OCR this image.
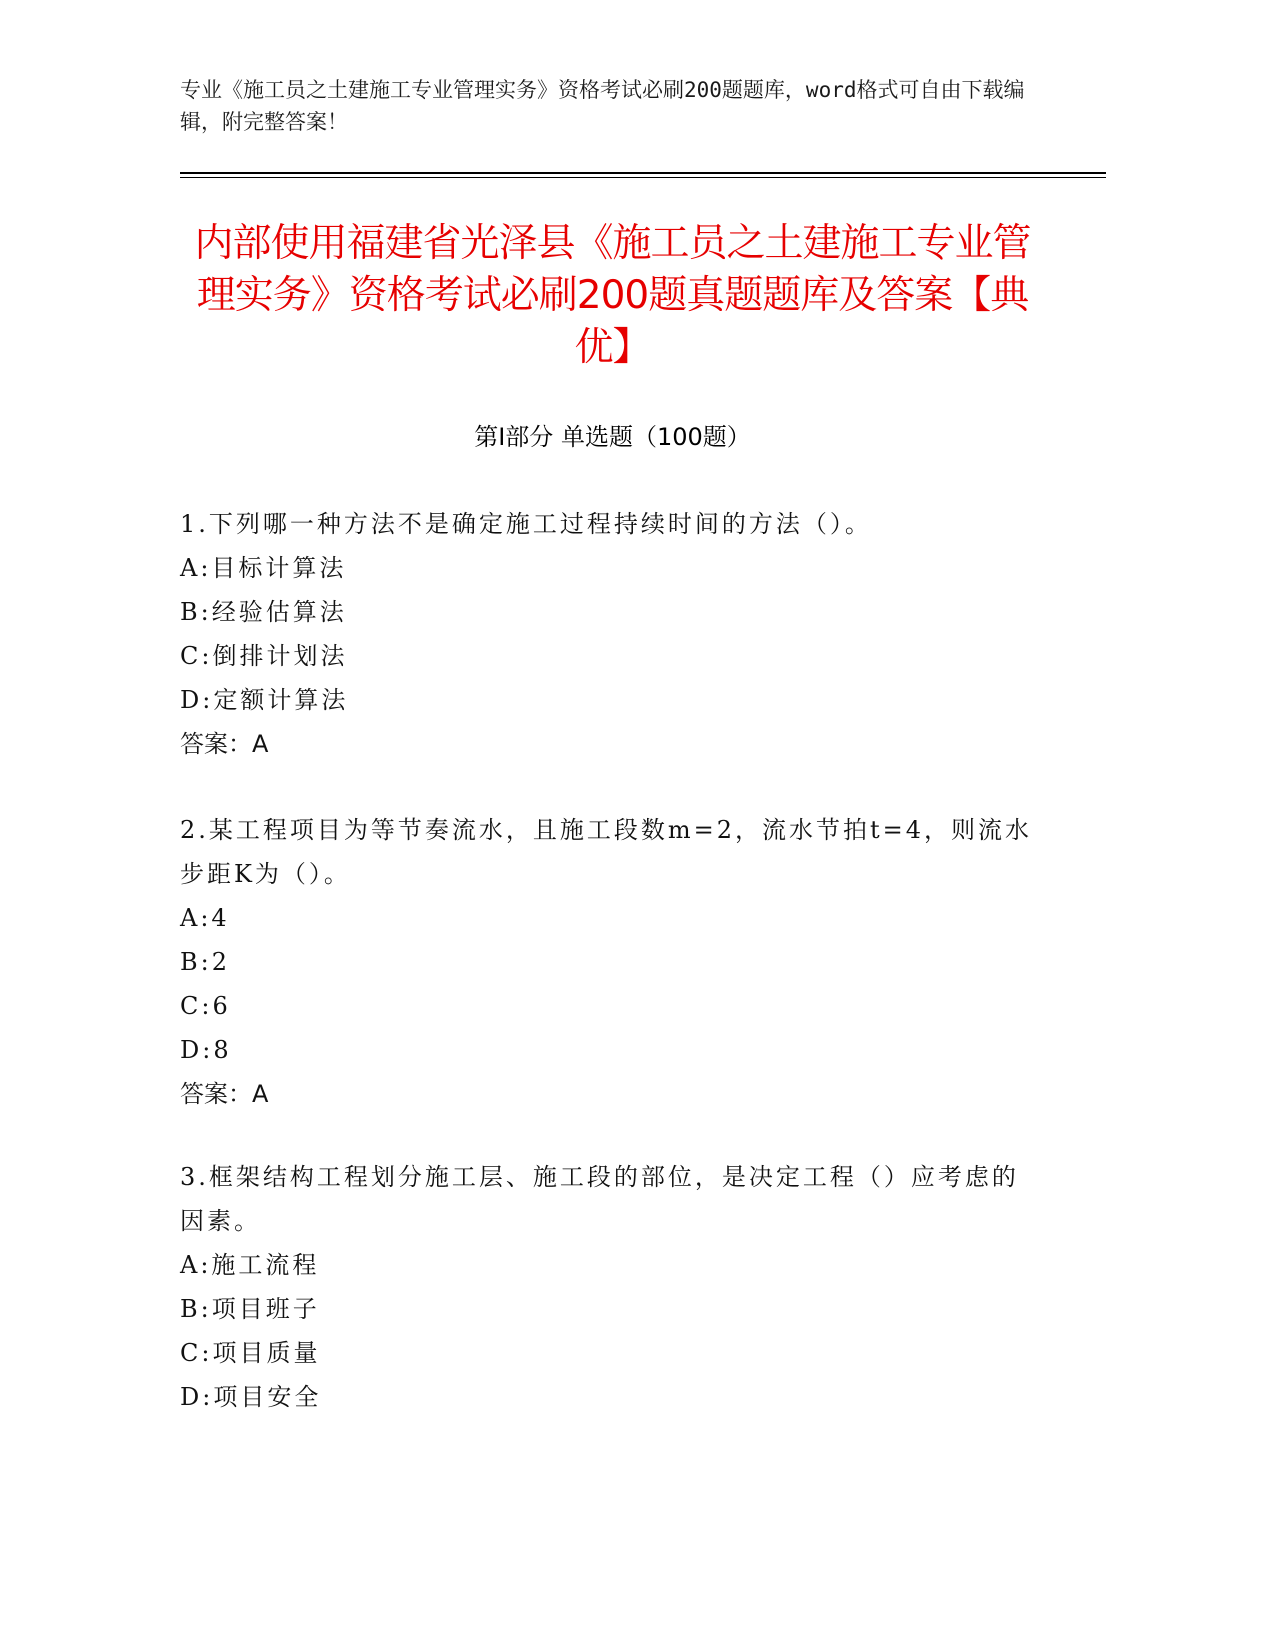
专业《施工员之土建施工专业管理实务》资格考试必刷200题题库，word格式可自由下载编辑，附完整答案！
内部使用福建省光泽县《施工员之土建施工专业管理实务》资格考试必刷200题真题题库及答案【典优】
第Ⅰ部分 单选题（100题）
1.下列哪一种方法不是确定施工过程持续时间的方法（）。
A:目标计算法
B:经验估算法
C:倒排计划法
D:定额计算法
答案：A
2.某工程项目为等节奏流水，且施工段数m=2，流水节拍t=4，则流水步距K为（）。
A:4
B:2
C:6
D:8
答案：A
3.框架结构工程划分施工层、施工段的部位，是决定工程（）应考虑的因素。
A:施工流程
B:项目班子
C:项目质量
D:项目安全
